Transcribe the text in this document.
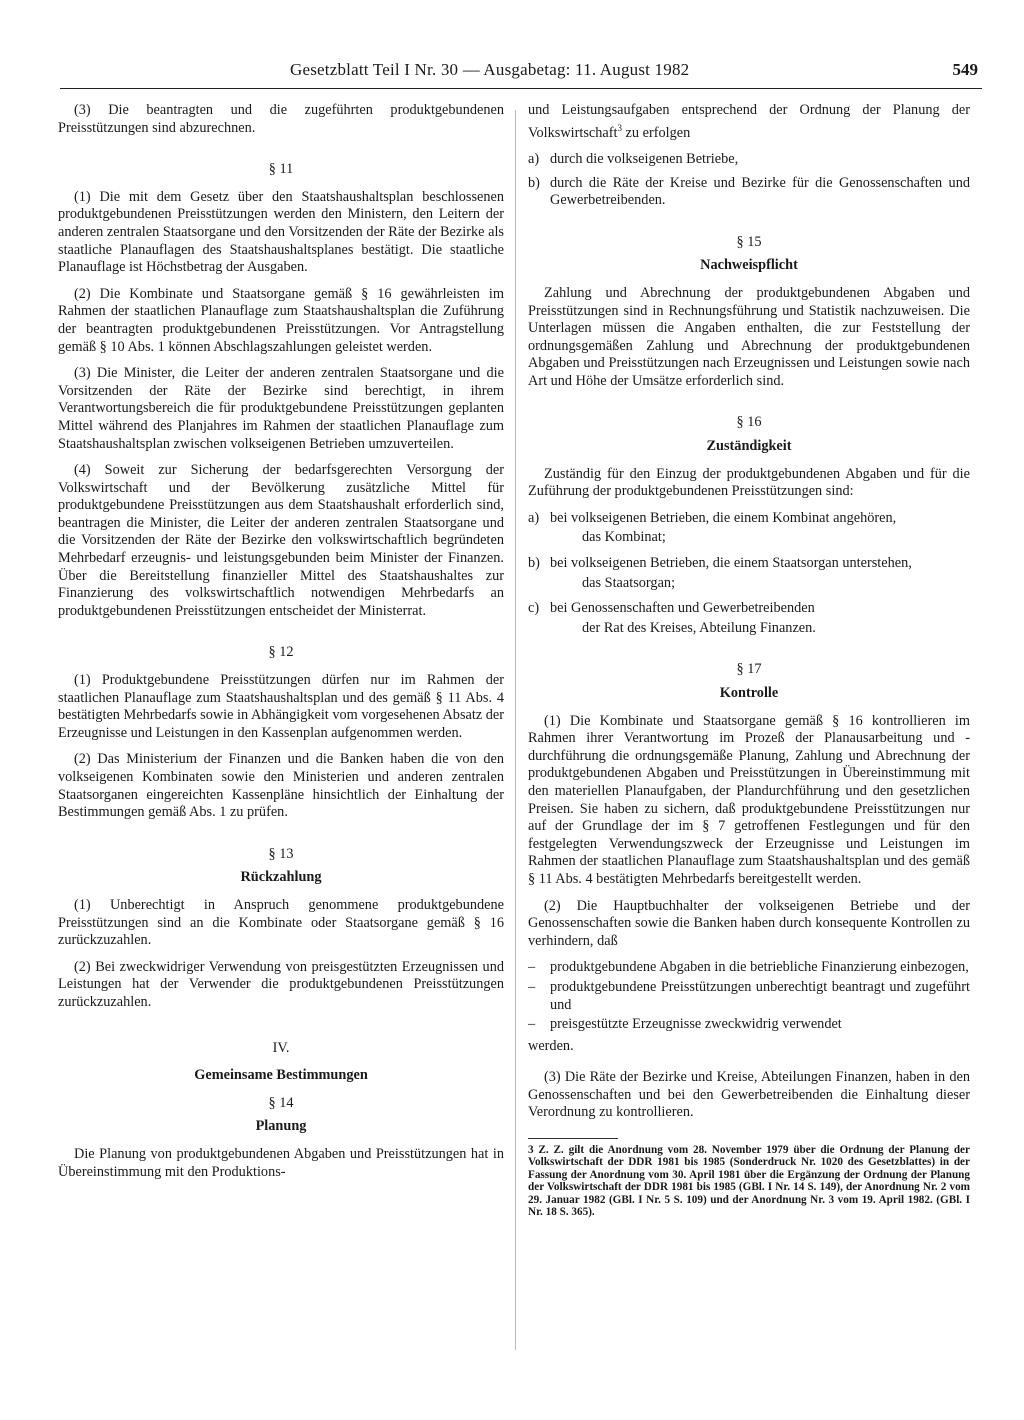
Gesetzblatt Teil I Nr. 30 — Ausgabetag: 11. August 1982	549

(3) Die beantragten und die zugeführten produktgebundenen Preisstützungen sind abzurechnen.

§ 11

(1) Die mit dem Gesetz über den Staatshaushaltsplan beschlossenen produktgebundenen Preisstützungen werden den Ministern, den Leitern der anderen zentralen Staatsorgane und den Vorsitzenden der Räte der Bezirke als staatliche Planauflagen des Staatshaushaltsplanes bestätigt. Die staatliche Planauflage ist Höchstbetrag der Ausgaben.

(2) Die Kombinate und Staatsorgane gemäß § 16 gewährleisten im Rahmen der staatlichen Planauflage zum Staatshaushaltsplan die Zuführung der beantragten produktgebundenen Preisstützungen. Vor Antragstellung gemäß § 10 Abs. 1 können Abschlagszahlungen geleistet werden.

(3) Die Minister, die Leiter der anderen zentralen Staatsorgane und die Vorsitzenden der Räte der Bezirke sind berechtigt, in ihrem Verantwortungsbereich die für produktgebundene Preisstützungen geplanten Mittel während des Planjahres im Rahmen der staatlichen Planauflage zum Staatshaushaltsplan zwischen volkseigenen Betrieben umzuverteilen.

(4) Soweit zur Sicherung der bedarfsgerechten Versorgung der Volkswirtschaft und der Bevölkerung zusätzliche Mittel für produktgebundene Preisstützungen aus dem Staatshaushalt erforderlich sind, beantragen die Minister, die Leiter der anderen zentralen Staatsorgane und die Vorsitzenden der Räte der Bezirke den volkswirtschaftlich begründeten Mehrbedarf erzeugnis- und leistungsgebunden beim Minister der Finanzen. Über die Bereitstellung finanzieller Mittel des Staatshaushaltes zur Finanzierung des volkswirtschaftlich notwendigen Mehrbedarfs an produktgebundenen Preisstützungen entscheidet der Ministerrat.

§ 12

(1) Produktgebundene Preisstützungen dürfen nur im Rahmen der staatlichen Planauflage zum Staatshaushaltsplan und des gemäß § 11 Abs. 4 bestätigten Mehrbedarfs sowie in Abhängigkeit vom vorgesehenen Absatz der Erzeugnisse und Leistungen in den Kassenplan aufgenommen werden.

(2) Das Ministerium der Finanzen und die Banken haben die von den volkseigenen Kombinaten sowie den Ministerien und anderen zentralen Staatsorganen eingereichten Kassenpläne hinsichtlich der Einhaltung der Bestimmungen gemäß Abs. 1 zu prüfen.

§ 13

Rückzahlung

(1) Unberechtigt in Anspruch genommene produktgebundene Preisstützungen sind an die Kombinate oder Staatsorgane gemäß § 16 zurückzuzahlen.

(2) Bei zweckwidriger Verwendung von preisgestützten Erzeugnissen und Leistungen hat der Verwender die produktgebundenen Preisstützungen zurückzuzahlen.

IV.

Gemeinsame Bestimmungen

§ 14

Planung

Die Planung von produktgebundenen Abgaben und Preisstützungen hat in Übereinstimmung mit den Produktions-

und Leistungsaufgaben entsprechend der Ordnung der Planung der Volkswirtschaft$^3$ zu erfolgen

a) durch die volkseigenen Betriebe,
b) durch die Räte der Kreise und Bezirke für die Genossenschaften und Gewerbetreibenden.

§ 15

Nachweispflicht

Zahlung und Abrechnung der produktgebundenen Abgaben und Preisstützungen sind in Rechnungsführung und Statistik nachzuweisen. Die Unterlagen müssen die Angaben enthalten, die zur Feststellung der ordnungsgemäßen Zahlung und Abrechnung der produktgebundenen Abgaben und Preisstützungen nach Erzeugnissen und Leistungen sowie nach Art und Höhe der Umsätze erforderlich sind.

§ 16

Zuständigkeit

Zuständig für den Einzug der produktgebundenen Abgaben und für die Zuführung der produktgebundenen Preisstützungen sind:

a) bei volkseigenen Betrieben, die einem Kombinat angehören,

das Kombinat;

b) bei volkseigenen Betrieben, die einem Staatsorgan unterstehen,

das Staatsorgan;

c) bei Genossenschaften und Gewerbetreibenden

der Rat des Kreises, Abteilung Finanzen.

§ 17

Kontrolle

(1) Die Kombinate und Staatsorgane gemäß § 16 kontrollieren im Rahmen ihrer Verantwortung im Prozeß der Planausarbeitung und -durchführung die ordnungsgemäße Planung, Zahlung und Abrechnung der produktgebundenen Abgaben und Preisstützungen in Übereinstimmung mit den materiellen Planaufgaben, der Plandurchführung und den gesetzlichen Preisen. Sie haben zu sichern, daß produktgebundene Preisstützungen nur auf der Grundlage der im § 7 getroffenen Festlegungen und für den festgelegten Verwendungszweck der Erzeugnisse und Leistungen im Rahmen der staatlichen Planauflage zum Staatshaushaltsplan und des gemäß § 11 Abs. 4 bestätigten Mehrbedarfs bereitgestellt werden.

(2) Die Hauptbuchhalter der volkseigenen Betriebe und der Genossenschaften sowie die Banken haben durch konsequente Kontrollen zu verhindern, daß

–	produktgebundene Abgaben in die betriebliche Finanzierung einbezogen,
–	produktgebundene Preisstützungen unberechtigt beantragt und zugeführt und
–	preisgestützte Erzeugnisse zweckwidrig verwendet

werden.

(3) Die Räte der Bezirke und Kreise, Abteilungen Finanzen, haben in den Genossenschaften und bei den Gewerbetreibenden die Einhaltung dieser Verordnung zu kontrollieren.

3 Z. Z. gilt die Anordnung vom 28. November 1979 über die Ordnung der Planung der Volkswirtschaft der DDR 1981 bis 1985 (Sonderdruck Nr. 1020 des Gesetzblattes) in der Fassung der Anordnung vom 30. April 1981 über die Ergänzung der Ordnung der Planung der Volkswirtschaft der DDR 1981 bis 1985 (GBl. I Nr. 14 S. 149), der Anordnung Nr. 2 vom 29. Januar 1982 (GBl. I Nr. 5 S. 109) und der Anordnung Nr. 3 vom 19. April 1982. (GBl. I Nr. 18 S. 365).
